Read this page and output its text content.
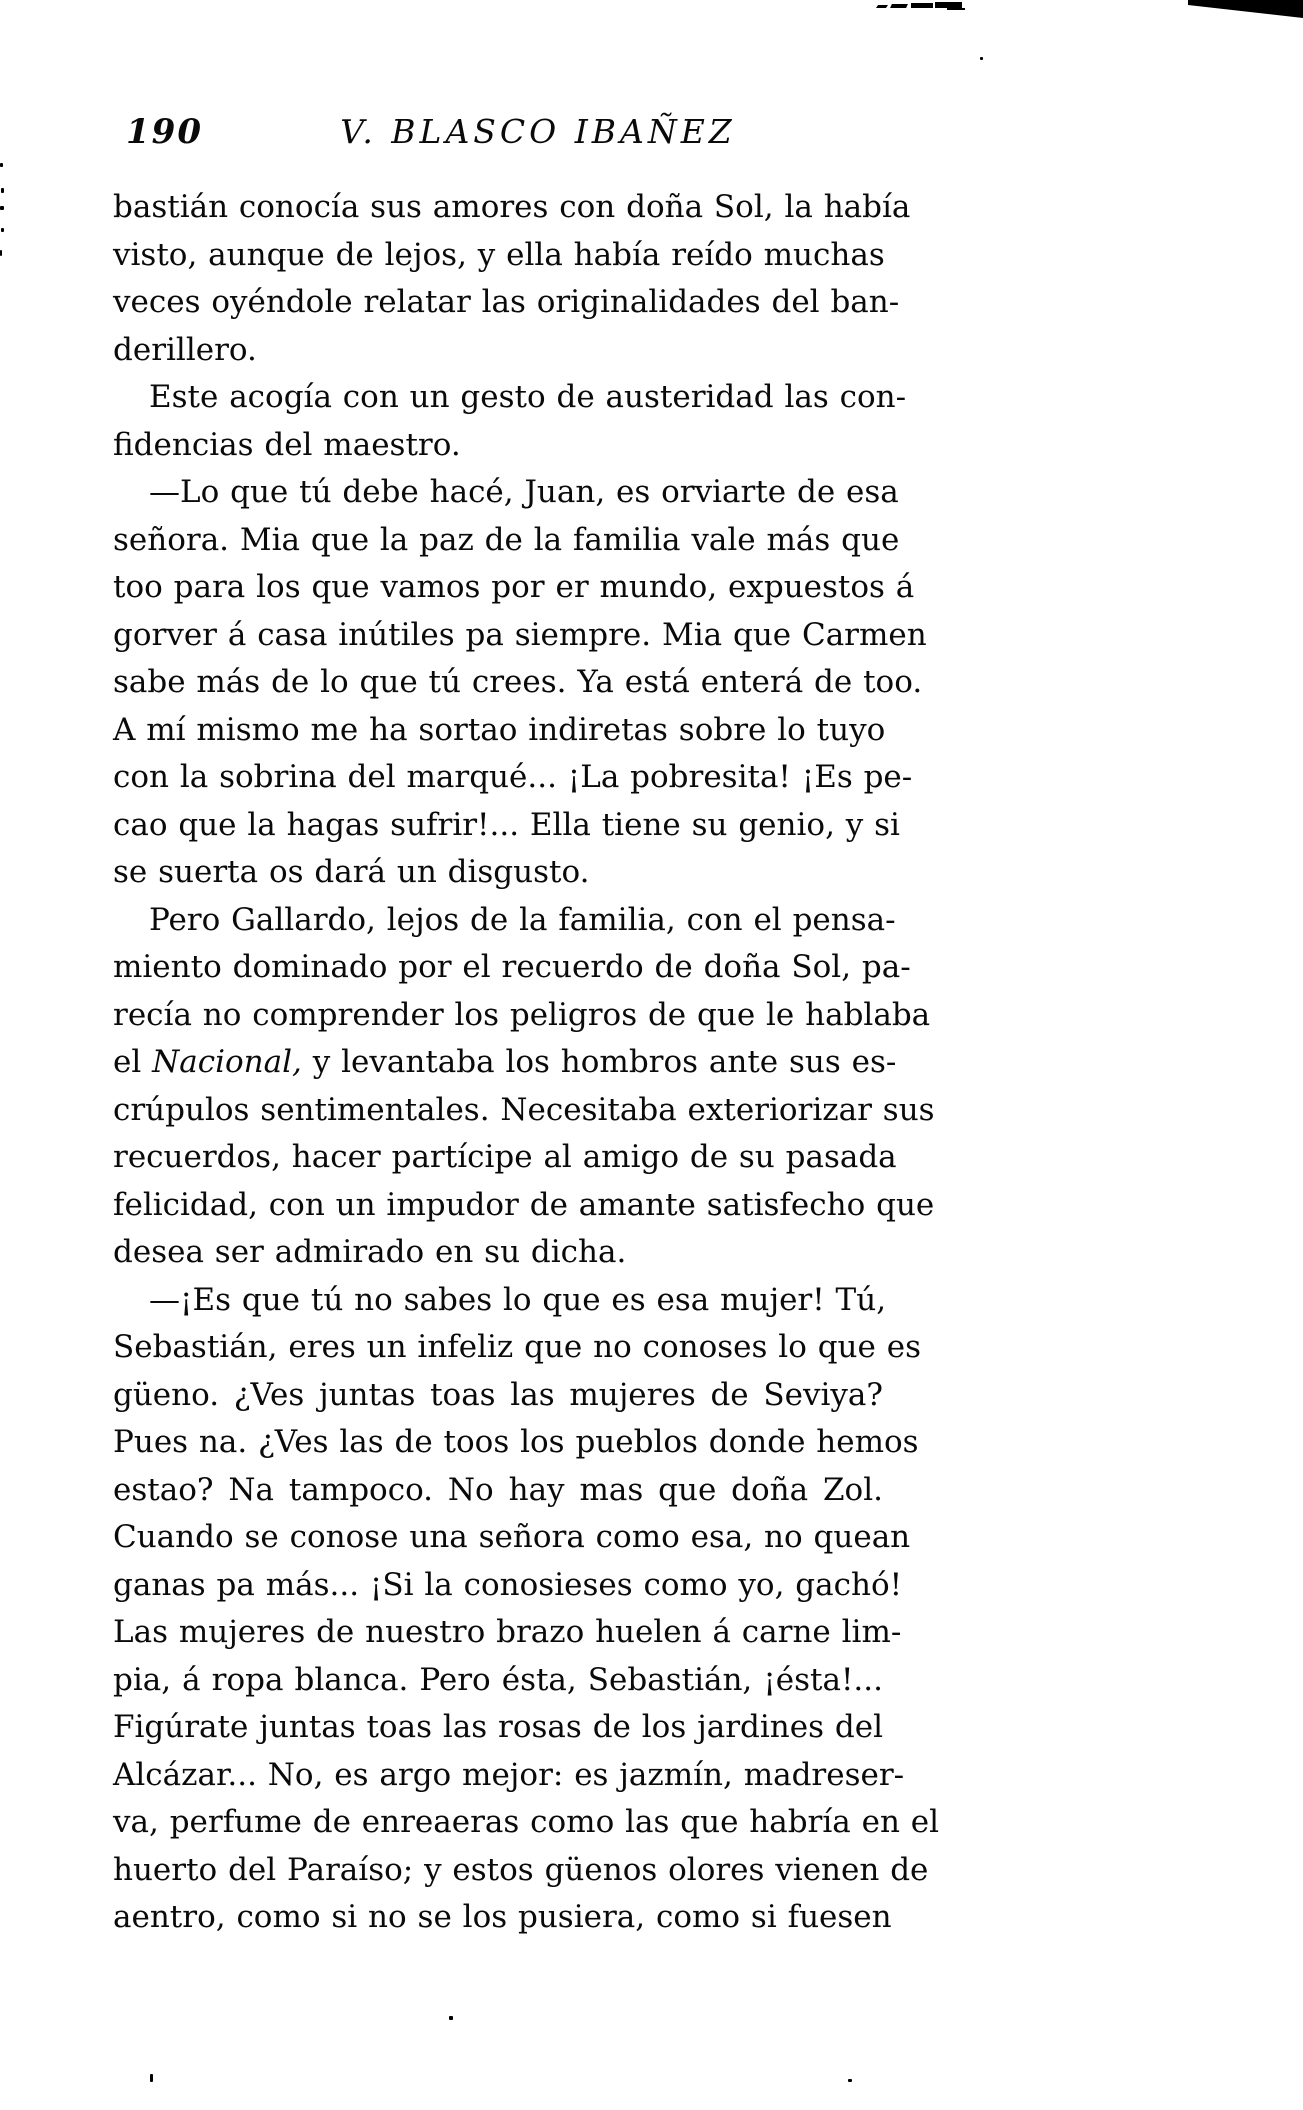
190	V. BLASCO IBAÑEZ
bastián conocía sus amores con doña Sol, la había
visto, aunque de lejos, y ella había reído muchas
veces oyéndole relatar las originalidades del ban-
derillero.
Este acogía con un gesto de austeridad las con-
fidencias del maestro.
—Lo que tú debe hacé, Juan, es orviarte de esa
señora. Mia que la paz de la familia vale más que
too para los que vamos por er mundo, expuestos á
gorver á casa inútiles pa siempre. Mia que Carmen
sabe más de lo que tú crees. Ya está enterá de too.
A mí mismo me ha sortao indiretas sobre lo tuyo
con la sobrina del marqué... ¡La pobresita! ¡Es pe-
cao que la hagas sufrir!... Ella tiene su genio, y si
se suerta os dará un disgusto.
Pero Gallardo, lejos de la familia, con el pensa-
miento dominado por el recuerdo de doña Sol, pa-
recía no comprender los peligros de que le hablaba
el Nacional, y levantaba los hombros ante sus es-
crúpulos sentimentales. Necesitaba exteriorizar sus
recuerdos, hacer partícipe al amigo de su pasada
felicidad, con un impudor de amante satisfecho que
desea ser admirado en su dicha.
—¡Es que tú no sabes lo que es esa mujer! Tú,
Sebastián, eres un infeliz que no conoses lo que es
güeno. ¿Ves juntas toas las mujeres de Seviya?
Pues na. ¿Ves las de toos los pueblos donde hemos
estao? Na tampoco. No hay mas que doña Zol.
Cuando se conose una señora como esa, no quean
ganas pa más... ¡Si la conosieses como yo, gachó!
Las mujeres de nuestro brazo huelen á carne lim-
pia, á ropa blanca. Pero ésta, Sebastián, ¡ésta!...
Figúrate juntas toas las rosas de los jardines del
Alcázar... No, es argo mejor: es jazmín, madreser-
va, perfume de enreaeras como las que habría en el
huerto del Paraíso; y estos güenos olores vienen de
aentro, como si no se los pusiera, como si fuesen
